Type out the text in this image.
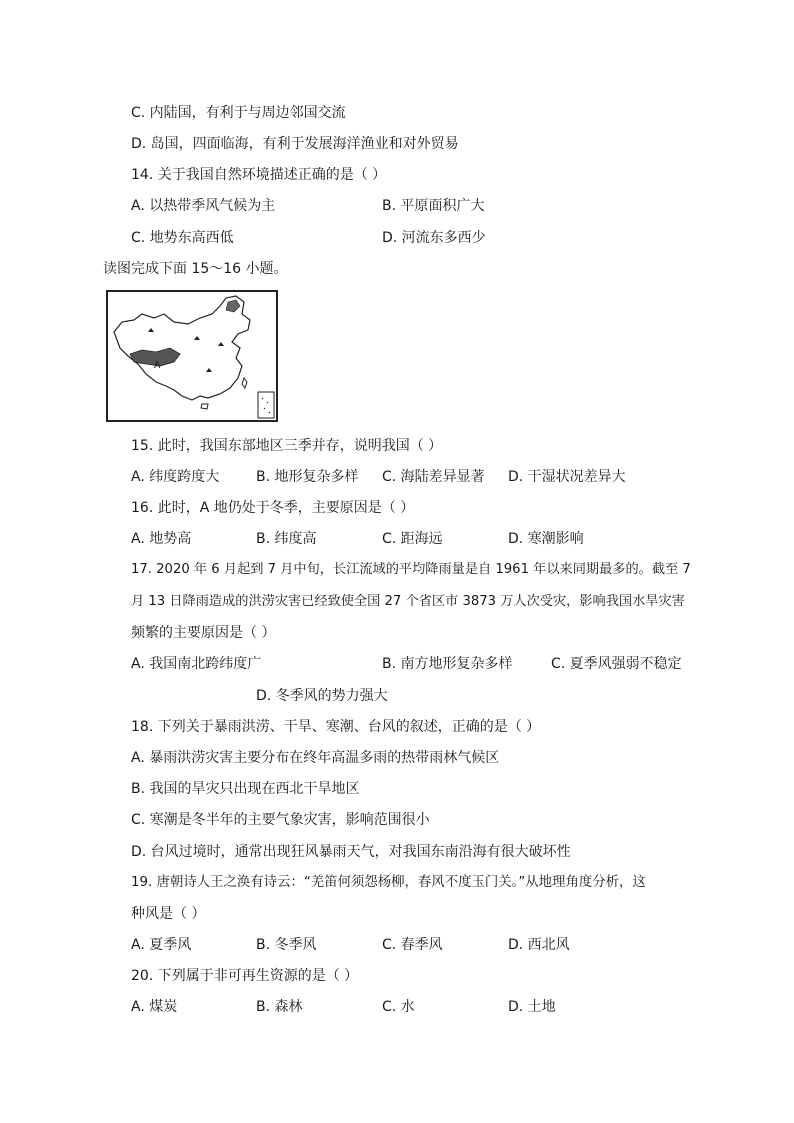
C. 内陆国，有利于与周边邻国交流
D. 岛国，四面临海，有利于发展海洋渔业和对外贸易
14. 关于我国自然环境描述正确的是（ ）
A. 以热带季风气候为主	B. 平原面积广大
C. 地势东高西低	D. 河流东多西少
读图完成下面 15～16 小题。
A
15. 此时，我国东部地区三季并存，说明我国（ ）
A. 纬度跨度大	B. 地形复杂多样 C. 海陆差异显著 D. 干湿状况差异大
16. 此时，A 地仍处于冬季，主要原因是（ ）
A. 地势高	B. 纬度高	C. 距海远	D. 寒潮影响
17. 2020 年 6 月起到 7 月中旬，长江流域的平均降雨量是自 1961 年以来同期最多的。截至 7
月 13 日降雨造成的洪涝灾害已经致使全国 27 个省区市 3873 万人次受灾，影响我国水旱灾害
频繁的主要原因是（ ）
A. 我国南北跨纬度广	B. 南方地形复杂多样	C. 夏季风强弱不稳定
D. 冬季风的势力强大
18. 下列关于暴雨洪涝、干旱、寒潮、台风的叙述，正确的是（ ）
A. 暴雨洪涝灾害主要分布在终年高温多雨的热带雨林气候区
B. 我国的旱灾只出现在西北干旱地区
C. 寒潮是冬半年的主要气象灾害，影响范围很小
D. 台风过境时，通常出现狂风暴雨天气，对我国东南沿海有很大破坏性
19. 唐朝诗人王之涣有诗云：“羌笛何须怨杨柳，春风不度玉门关。”从地理角度分析，这
种风是（ ）
A. 夏季风	B. 冬季风	C. 春季风	D. 西北风
20. 下列属于非可再生资源的是（ ）
A. 煤炭	B. 森林	C. 水	D. 土地
